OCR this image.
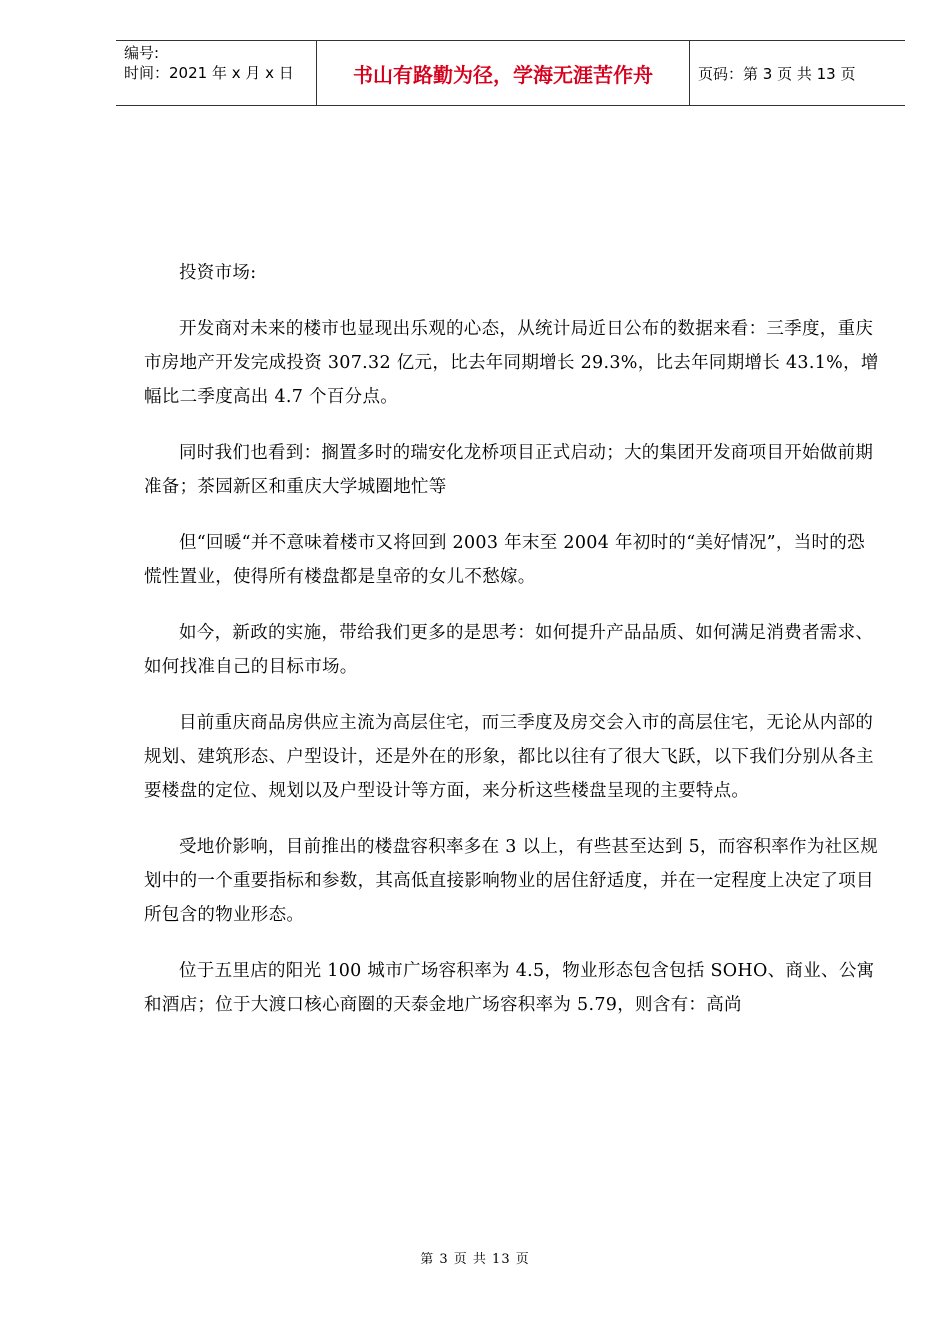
编号:
时间：2021 年 x 月 x 日	书山有路勤为径，学海无涯苦作舟	页码：第 3 页 共 13 页

投资市场:

开发商对未来的楼市也显现出乐观的心态，从统计局近日公布的数据来看：三季度，重庆市房地产开发完成投资 307.32 亿元，比去年同期增长 29.3%，比去年同期增长 43.1%，增幅比二季度高出 4.7 个百分点。

同时我们也看到：搁置多时的瑞安化龙桥项目正式启动；大的集团开发商项目开始做前期准备；茶园新区和重庆大学城圈地忙等

但“回暖“并不意味着楼市又将回到 2003 年末至 2004 年初时的“美好情况”，当时的恐慌性置业，使得所有楼盘都是皇帝的女儿不愁嫁。

如今，新政的实施，带给我们更多的是思考：如何提升产品品质、如何满足消费者需求、如何找准自己的目标市场。

目前重庆商品房供应主流为高层住宅，而三季度及房交会入市的高层住宅，无论从内部的规划、建筑形态、户型设计，还是外在的形象，都比以往有了很大飞跃，以下我们分别从各主要楼盘的定位、规划以及户型设计等方面，来分析这些楼盘呈现的主要特点。

受地价影响，目前推出的楼盘容积率多在 3 以上，有些甚至达到 5，而容积率作为社区规划中的一个重要指标和参数，其高低直接影响物业的居住舒适度，并在一定程度上决定了项目所包含的物业形态。

位于五里店的阳光 100 城市广场容积率为 4.5，物业形态包含包括 SOHO、商业、公寓和酒店；位于大渡口核心商圈的天泰金地广场容积率为 5.79，则含有：高尚

第 3 页 共 13 页
